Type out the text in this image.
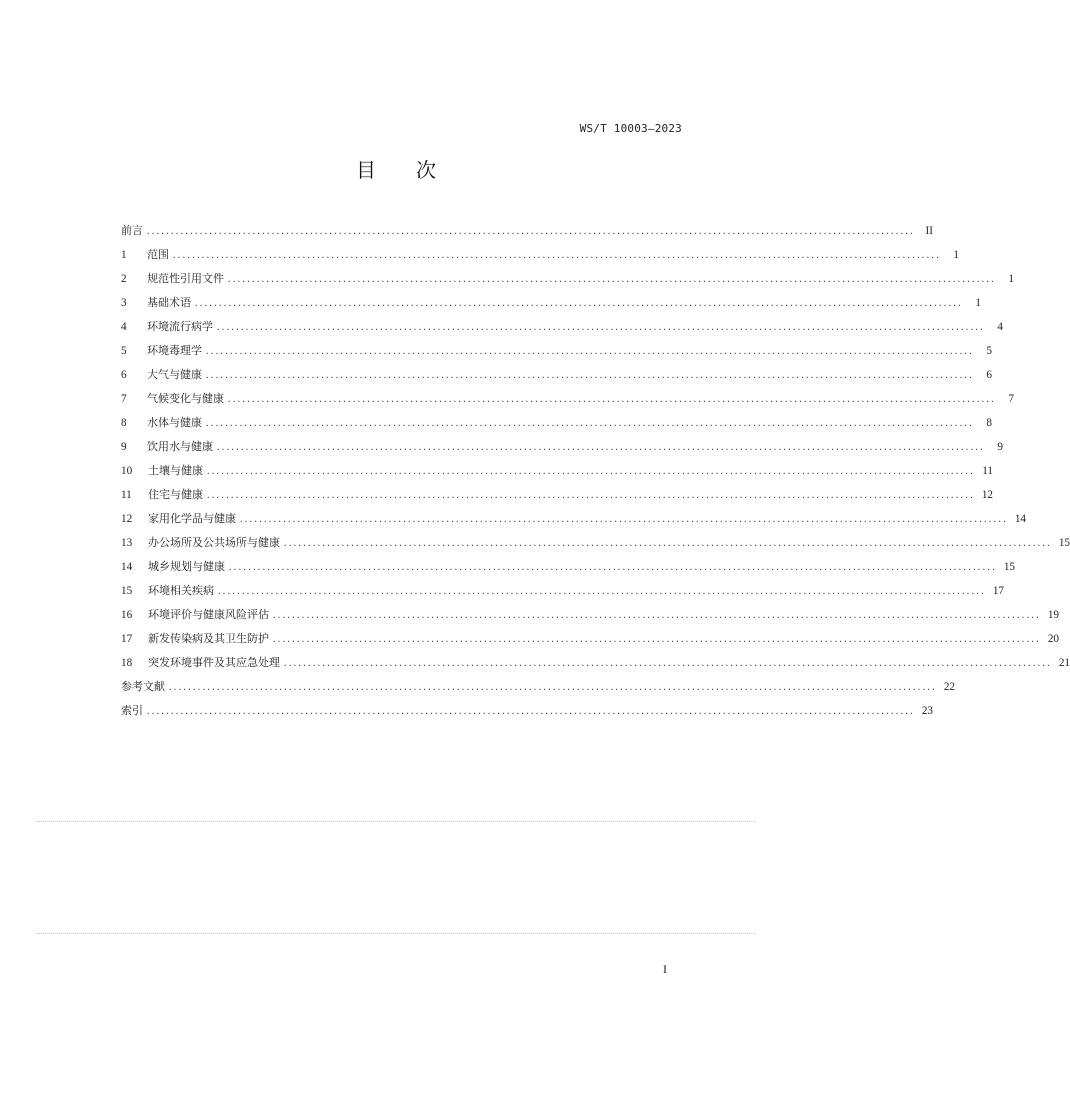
WS/T 10003—2023
目次
前言 ................................................................................................................................................................ II
1	范围 ................................................................................................................................................................	1
2	规范性引用文件 ................................................................................................................................................................	1
3	基础术语 ................................................................................................................................................................	1
4	环境流行病学 ................................................................................................................................................................	4
5	环境毒理学 ................................................................................................................................................................	5
6	大气与健康 ................................................................................................................................................................	6
7	气候变化与健康 ................................................................................................................................................................	7
8	水体与健康 ................................................................................................................................................................	8
9	饮用水与健康 ................................................................................................................................................................	9
10	土壤与健康 ................................................................................................................................................................ 11
11	住宅与健康 ................................................................................................................................................................ 12
12	家用化学品与健康 ................................................................................................................................................................ 14
13	办公场所及公共场所与健康 ................................................................................................................................................................ 15
14	城乡规划与健康 ................................................................................................................................................................ 15
15	环境相关疾病 ................................................................................................................................................................ 17
16	环境评价与健康风险评估 ................................................................................................................................................................ 19
17	新发传染病及其卫生防护 ................................................................................................................................................................ 20
18	突发环境事件及其应急处理 ................................................................................................................................................................ 21
参考文献 ................................................................................................................................................................ 22
索引 ................................................................................................................................................................ 23
I
